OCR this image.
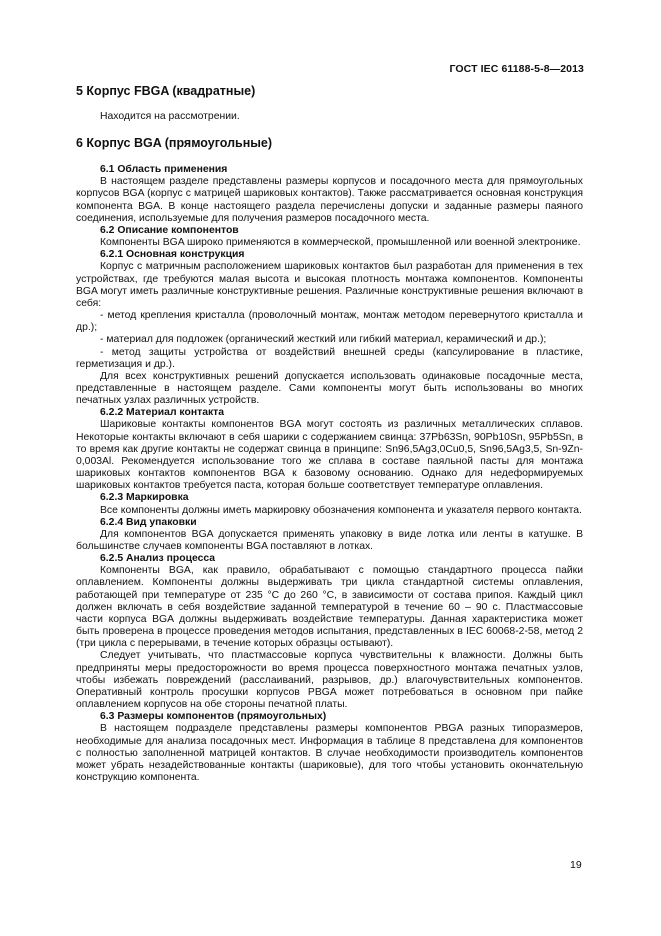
ГОСТ IEC 61188-5-8—2013
5 Корпус FBGA (квадратные)

Находится на рассмотрении.

6 Корпус BGA (прямоугольные)
6.1 Область применения

В настоящем разделе представлены размеры корпусов и посадочного места для прямоугольных корпусов BGA (корпус с матрицей шариковых контактов). Также рассматривается основная конструкция компонента BGA. В конце настоящего раздела перечислены допуски и заданные размеры паяного соединения, используемые для получения размеров посадочного места.

6.2 Описание компонентов

Компоненты BGA широко применяются в коммерческой, промышленной или военной электронике.

6.2.1 Основная конструкция

Корпус с матричным расположением шариковых контактов был разработан для применения в тех устройствах, где требуются малая высота и высокая плотность монтажа компонентов. Компоненты BGA могут иметь различные конструктивные решения. Различные конструктивные решения включают в себя:

- метод крепления кристалла (проволочный монтаж, монтаж методом перевернутого кристалла и др.);

- материал для подложек (органический жесткий или гибкий материал, керамический и др.);

- метод защиты устройства от воздействий внешней среды (капсулирование в пластике, герметизация и др.).

Для всех конструктивных решений допускается использовать одинаковые посадочные места, представленные в настоящем разделе. Сами компоненты могут быть использованы во многих печатных узлах различных устройств.

6.2.2 Материал контакта

Шариковые контакты компонентов BGA могут состоять из различных металлических сплавов. Некоторые контакты включают в себя шарики с содержанием свинца: 37Pb63Sn, 90Pb10Sn, 95Pb5Sn, в то время как другие контакты не содержат свинца в принципе: Sn96,5Ag3,0Cu0,5, Sn96,5Ag3,5, Sn-9Zn-0,003Al. Рекомендуется использование того же сплава в составе паяльной пасты для монтажа шариковых контактов компонентов BGA к базовому основанию. Однако для недеформируемых шариковых контактов требуется паста, которая больше соответствует температуре оплавления.

6.2.3 Маркировка

Все компоненты должны иметь маркировку обозначения компонента и указателя первого контакта.

6.2.4 Вид упаковки

Для компонентов BGA допускается применять упаковку в виде лотка или ленты в катушке. В большинстве случаев компоненты BGA поставляют в лотках.

6.2.5 Анализ процесса

Компоненты BGA, как правило, обрабатывают с помощью стандартного процесса пайки оплавлением. Компоненты должны выдерживать три цикла стандартной системы оплавления, работающей при температуре от 235 °С до 260 °С, в зависимости от состава припоя. Каждый цикл должен включать в себя воздействие заданной температурой в течение 60 – 90 с. Пластмассовые части корпуса BGA должны выдерживать воздействие температуры. Данная характеристика может быть проверена в процессе проведения методов испытания, представленных в IEC 60068-2-58, метод 2 (три цикла с перерывами, в течение которых образцы остывают).

Следует учитывать, что пластмассовые корпуса чувствительны к влажности. Должны быть предприняты меры предосторожности во время процесса поверхностного монтажа печатных узлов, чтобы избежать повреждений (расслаиваний, разрывов, др.) влагочувствительных компонентов. Оперативный контроль просушки корпусов PBGA может потребоваться в основном при пайке оплавлением корпусов на обе стороны печатной платы.

6.3 Размеры компонентов (прямоугольных)

В настоящем подразделе представлены размеры компонентов PBGA разных типоразмеров, необходимые для анализа посадочных мест. Информация в таблице 8 представлена для компонентов с полностью заполненной матрицей контактов. В случае необходимости производитель компонентов может убрать незадействованные контакты (шариковые), для того чтобы установить окончательную конструкцию компонента.

19
